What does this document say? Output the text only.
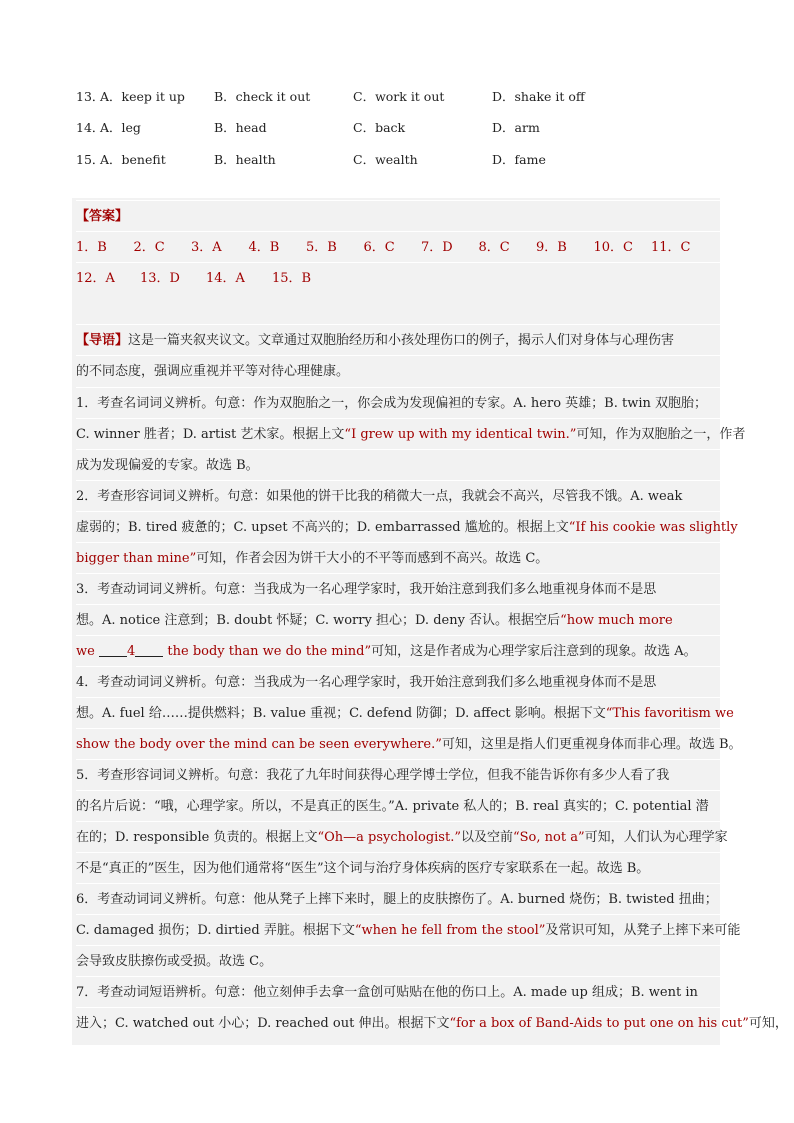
13．
A．keep it up	B．check it out	C．work it out	D．shake it off
14．
A．leg	B．head	C．back	D．arm
15．
A．benefit	B．health	C．wealth	D．fame
【答案】
1．B 2．C 3．A 4．B 5．B 6．C 7．D 8．C 9．B 10．C 11．C
12．A 13．D 14．A 15．B
【导语】这是一篇夹叙夹议文。文章通过双胞胎经历和小孩处理伤口的例子，揭示人们对身体与心理伤害
的不同态度，强调应重视并平等对待心理健康。
1．考查名词词义辨析。句意：作为双胞胎之一，你会成为发现偏袒的专家。A. hero 英雄；B. twin 双胞胎；
C. winner 胜者；D. artist 艺术家。根据上文“I grew up with my identical twin.”可知，作为双胞胎之一，作者
成为发现偏爱的专家。故选 B。
2．考查形容词词义辨析。句意：如果他的饼干比我的稍微大一点，我就会不高兴，尽管我不饿。A. weak
虚弱的；B. tired 疲惫的；C. upset 不高兴的；D. embarrassed 尴尬的。根据上文“If his cookie was slightly
bigger than mine”可知，作者会因为饼干大小的不平等而感到不高兴。故选 C。
3．考查动词词义辨析。句意：当我成为一名心理学家时，我开始注意到我们多么地重视身体而不是思
想。A. notice 注意到；B. doubt 怀疑；C. worry 担心；D. deny 否认。根据空后“how much more
we 4 the body than we do the mind”可知，这是作者成为心理学家后注意到的现象。故选 A。
4．考查动词词义辨析。句意：当我成为一名心理学家时，我开始注意到我们多么地重视身体而不是思
想。A. fuel 给……提供燃料；B. value 重视；C. defend 防御；D. affect 影响。根据下文“This favoritism we
show the body over the mind can be seen everywhere.”可知，这里是指人们更重视身体而非心理。故选 B。
5．考查形容词词义辨析。句意：我花了九年时间获得心理学博士学位，但我不能告诉你有多少人看了我
的名片后说：“哦，心理学家。所以，不是真正的医生。”A. private 私人的；B. real 真实的；C. potential 潜
在的；D. responsible 负责的。根据上文“Oh—a psychologist.”以及空前“So, not a”可知，人们认为心理学家
不是“真正的”医生，因为他们通常将“医生”这个词与治疗身体疾病的医疗专家联系在一起。故选 B。
6．考查动词词义辨析。句意：他从凳子上摔下来时，腿上的皮肤擦伤了。A. burned 烧伤；B. twisted 扭曲；
C. damaged 损伤；D. dirtied 弄脏。根据下文“when he fell from the stool”及常识可知，从凳子上摔下来可能
会导致皮肤擦伤或受损。故选 C。
7．考查动词短语辨析。句意：他立刻伸手去拿一盒创可贴贴在他的伤口上。A. made up 组成；B. went in
进入；C. watched out 小心；D. reached out 伸出。根据下文“for a box of Band-Aids to put one on his cut”可知，
